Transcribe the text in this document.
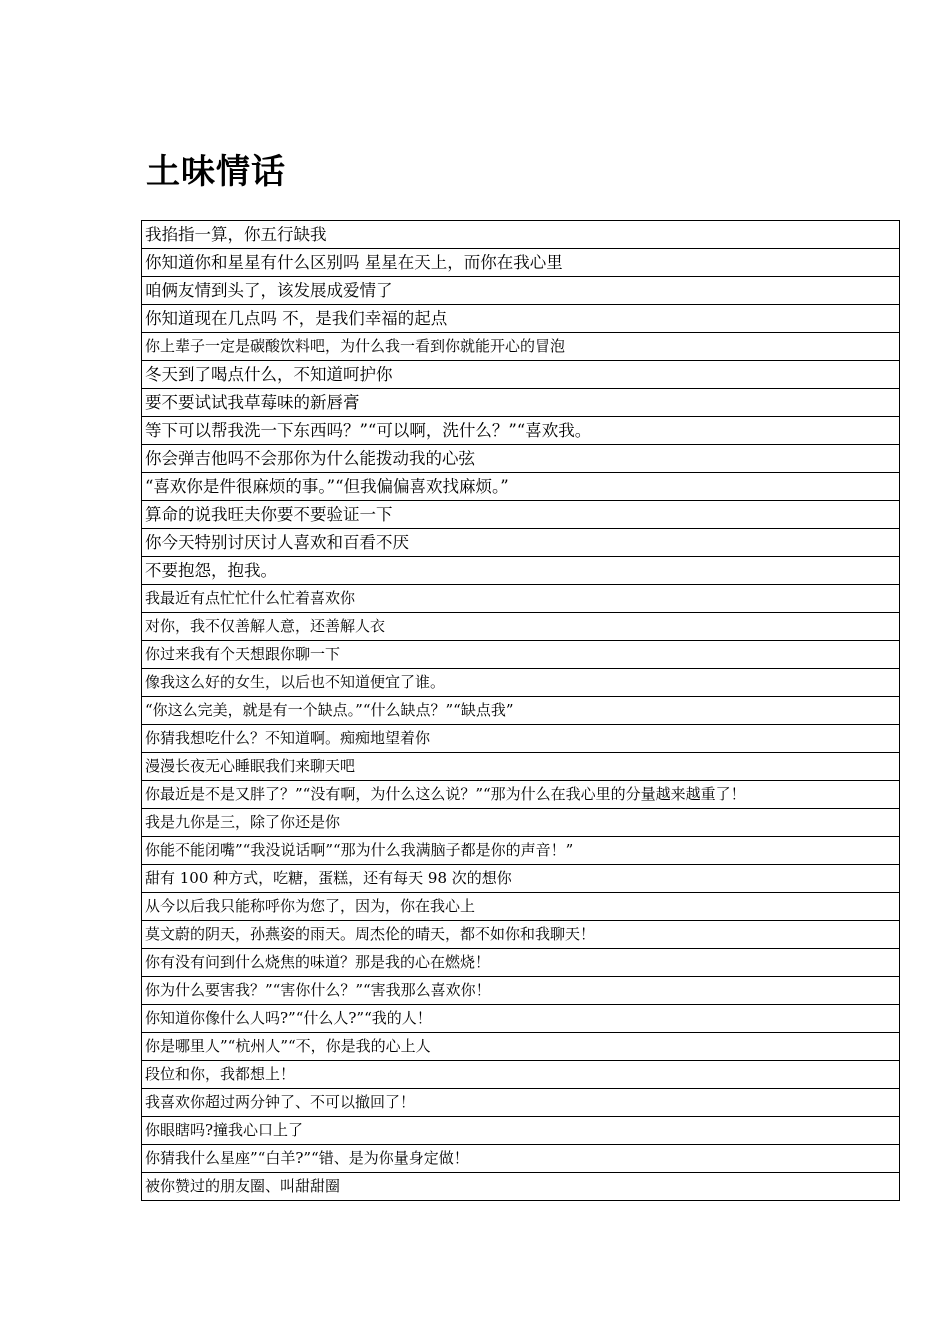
土味情话
我掐指一算，你五行缺我
你知道你和星星有什么区别吗 星星在天上，而你在我心里
咱俩友情到头了，该发展成爱情了
你知道现在几点吗 不，是我们幸福的起点
你上辈子一定是碳酸饮料吧，为什么我一看到你就能开心的冒泡
冬天到了喝点什么，不知道呵护你
要不要试试我草莓味的新唇膏
等下可以帮我洗一下东西吗？”“可以啊，洗什么？”“喜欢我。
你会弹吉他吗不会那你为什么能拨动我的心弦
“喜欢你是件很麻烦的事。”“但我偏偏喜欢找麻烦。”
算命的说我旺夫你要不要验证一下
你今天特别讨厌讨人喜欢和百看不厌
不要抱怨，抱我。
我最近有点忙忙什么忙着喜欢你
对你，我不仅善解人意，还善解人衣
你过来我有个天想跟你聊一下
像我这么好的女生，以后也不知道便宜了谁。
“你这么完美，就是有一个缺点。”“什么缺点？”“缺点我”
你猜我想吃什么？不知道啊。痴痴地望着你
漫漫长夜无心睡眠我们来聊天吧
你最近是不是又胖了？”“没有啊，为什么这么说？”“那为什么在我心里的分量越来越重了！
我是九你是三，除了你还是你
你能不能闭嘴”“我没说话啊”“那为什么我满脑子都是你的声音！”
甜有 100 种方式，吃糖，蛋糕，还有每天 98 次的想你
从今以后我只能称呼你为您了，因为，你在我心上
莫文蔚的阴天，孙燕姿的雨天。周杰伦的晴天，都不如你和我聊天！
你有没有问到什么烧焦的味道？那是我的心在燃烧！
你为什么要害我？”“害你什么？”“害我那么喜欢你！
你知道你像什么人吗?”“什么人?”“我的人！
你是哪里人”“杭州人”“不，你是我的心上人
段位和你，我都想上！
我喜欢你超过两分钟了、不可以撤回了！
你眼瞎吗?撞我心口上了
你猜我什么星座”“白羊?”“错、是为你量身定做！
被你赞过的朋友圈、叫甜甜圈
